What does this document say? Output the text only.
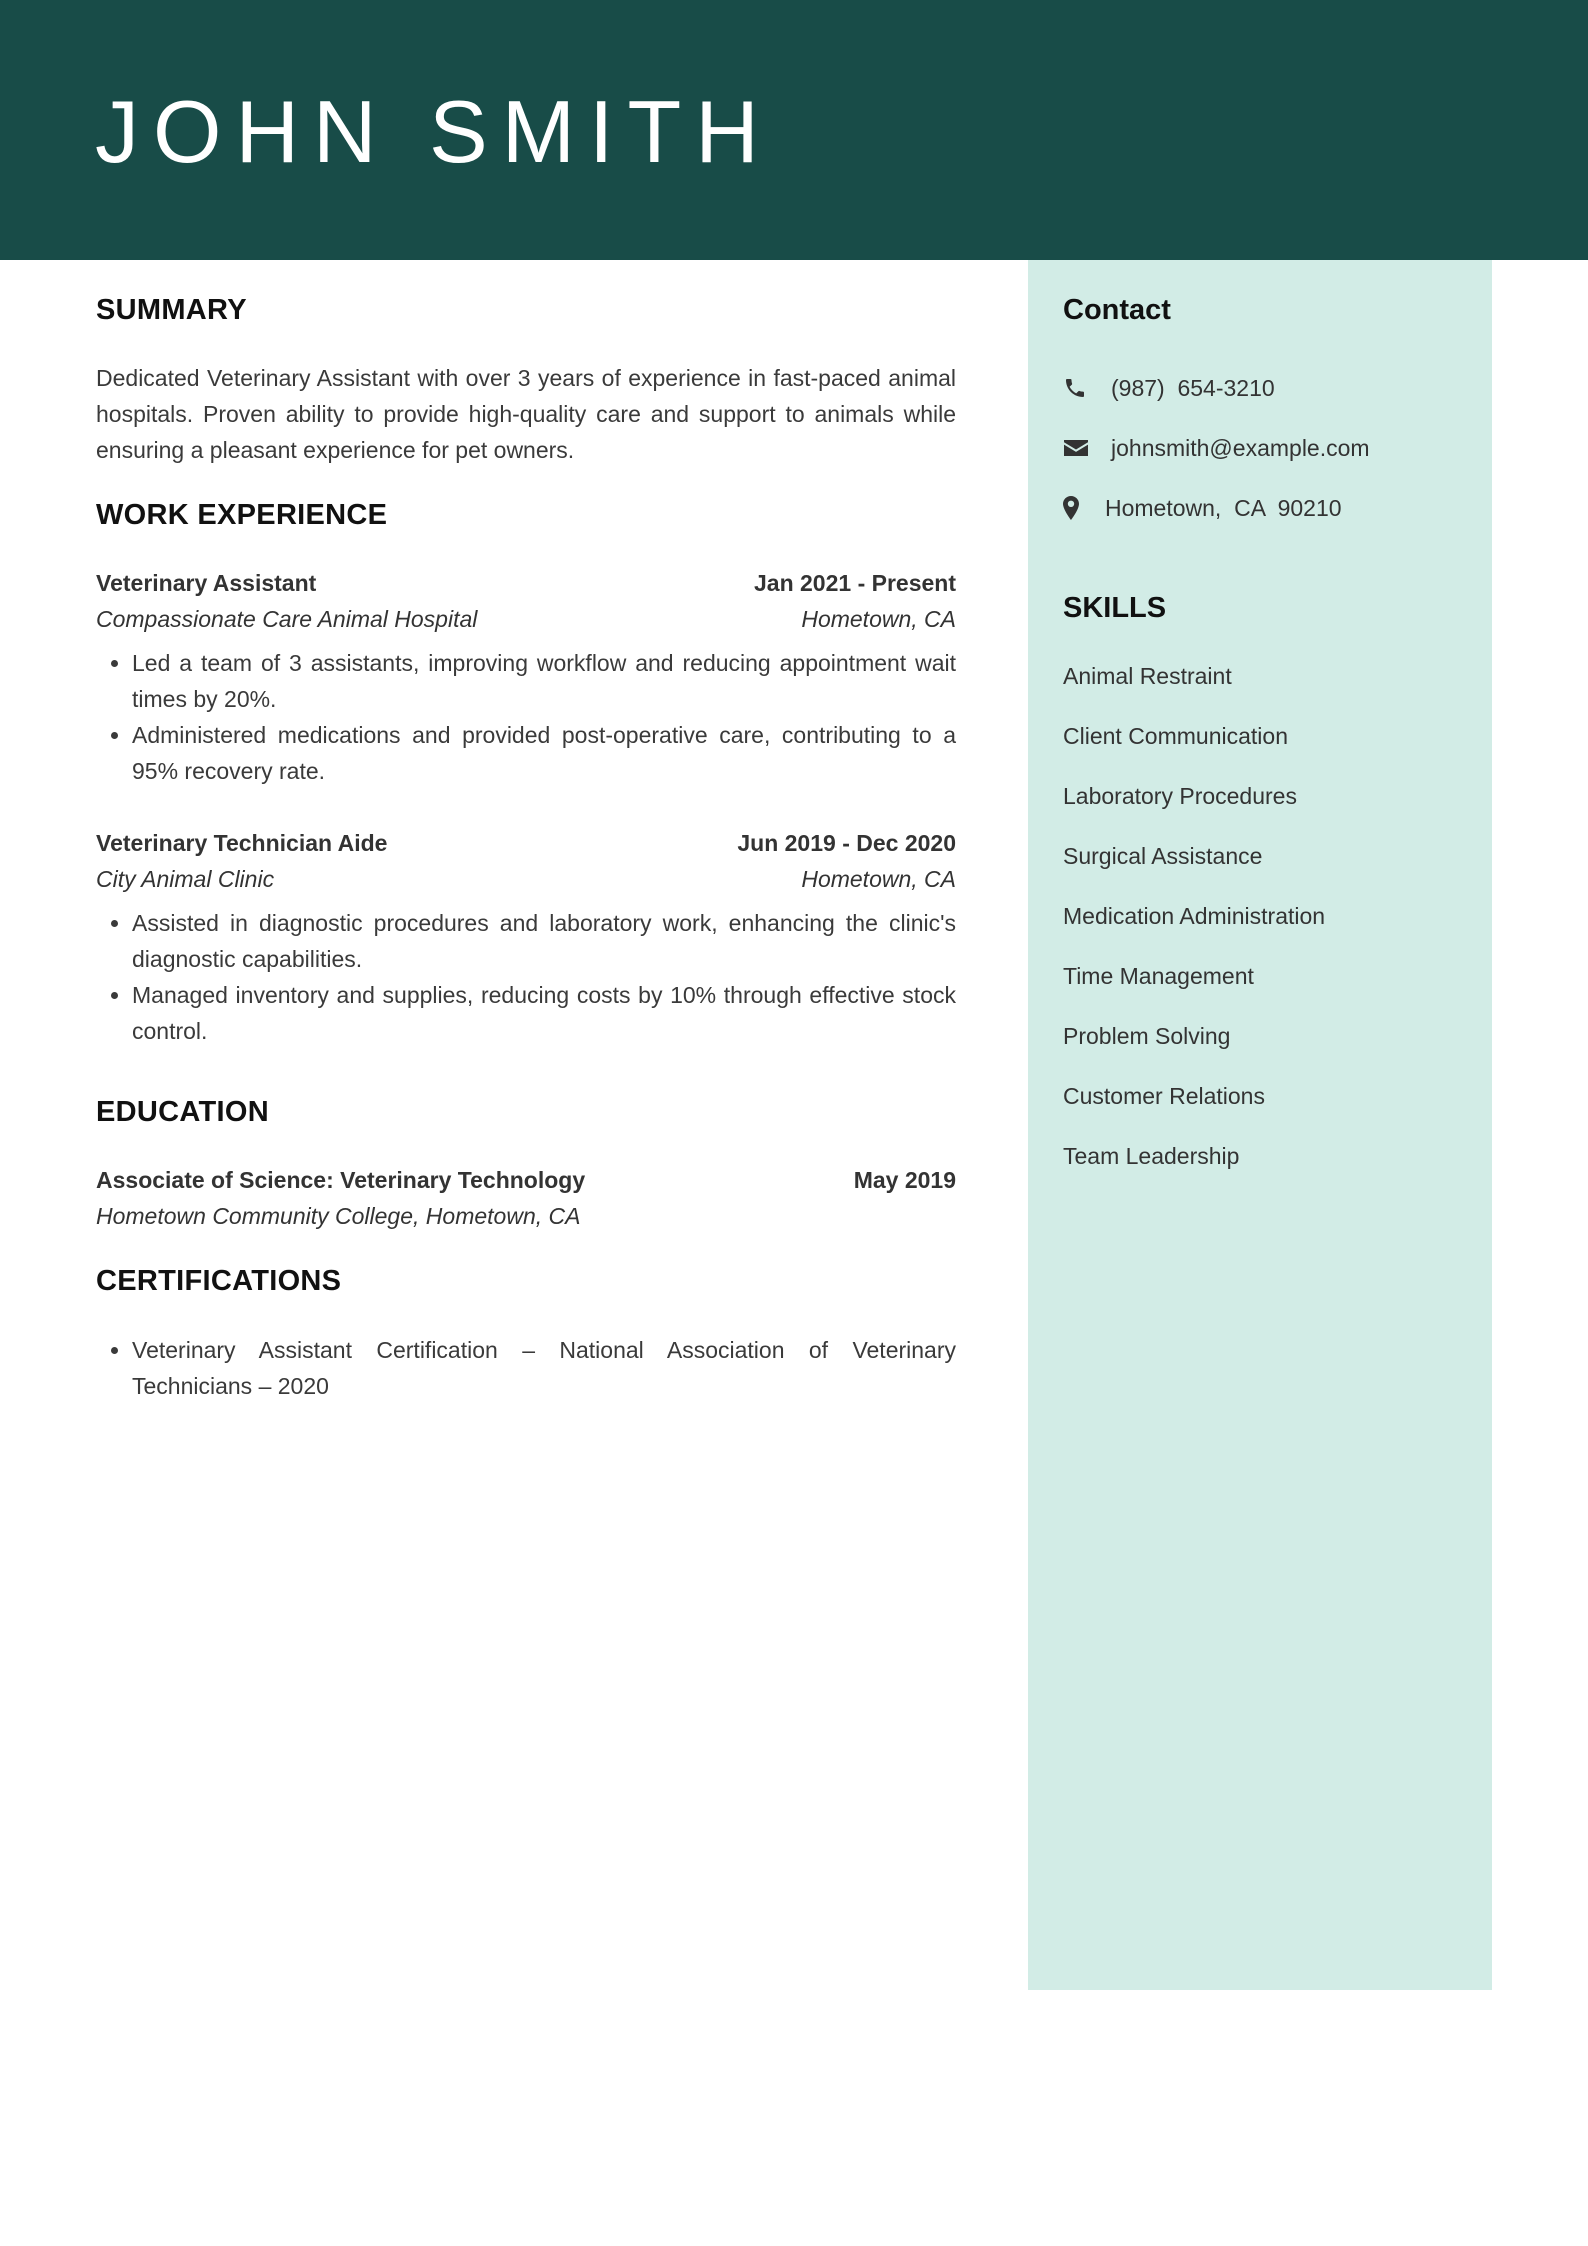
JOHN SMITH
Contact
(987)  654-3210
johnsmith@example.com
Hometown,  CA  90210
SKILLS
Animal Restraint
Client Communication
Laboratory Procedures
Surgical Assistance
Medication Administration
Time Management
Problem Solving
Customer Relations
Team Leadership
SUMMARY

Dedicated Veterinary Assistant with over 3 years of experience in fast-paced animal hospitals. Proven ability to provide high-quality care and support to animals while ensuring a pleasant experience for pet owners.

WORK EXPERIENCE
Veterinary Assistant	Jan 2021 - Present
Compassionate Care Animal Hospital	Hometown, CA
• Led a team of 3 assistants, improving workflow and reducing appointment wait times by 20%.
• Administered medications and provided post-operative care, contributing to a 95% recovery rate.
Veterinary Technician Aide	Jun 2019 - Dec 2020
City Animal Clinic	Hometown, CA
• Assisted in diagnostic procedures and laboratory work, enhancing the clinic's diagnostic capabilities.
• Managed inventory and supplies, reducing costs by 10% through effective stock control.
EDUCATION
Associate of Science: Veterinary Technology	May 2019
Hometown Community College, Hometown, CA
CERTIFICATIONS
• Veterinary Assistant Certification – National Association of Veterinary Technicians – 2020
